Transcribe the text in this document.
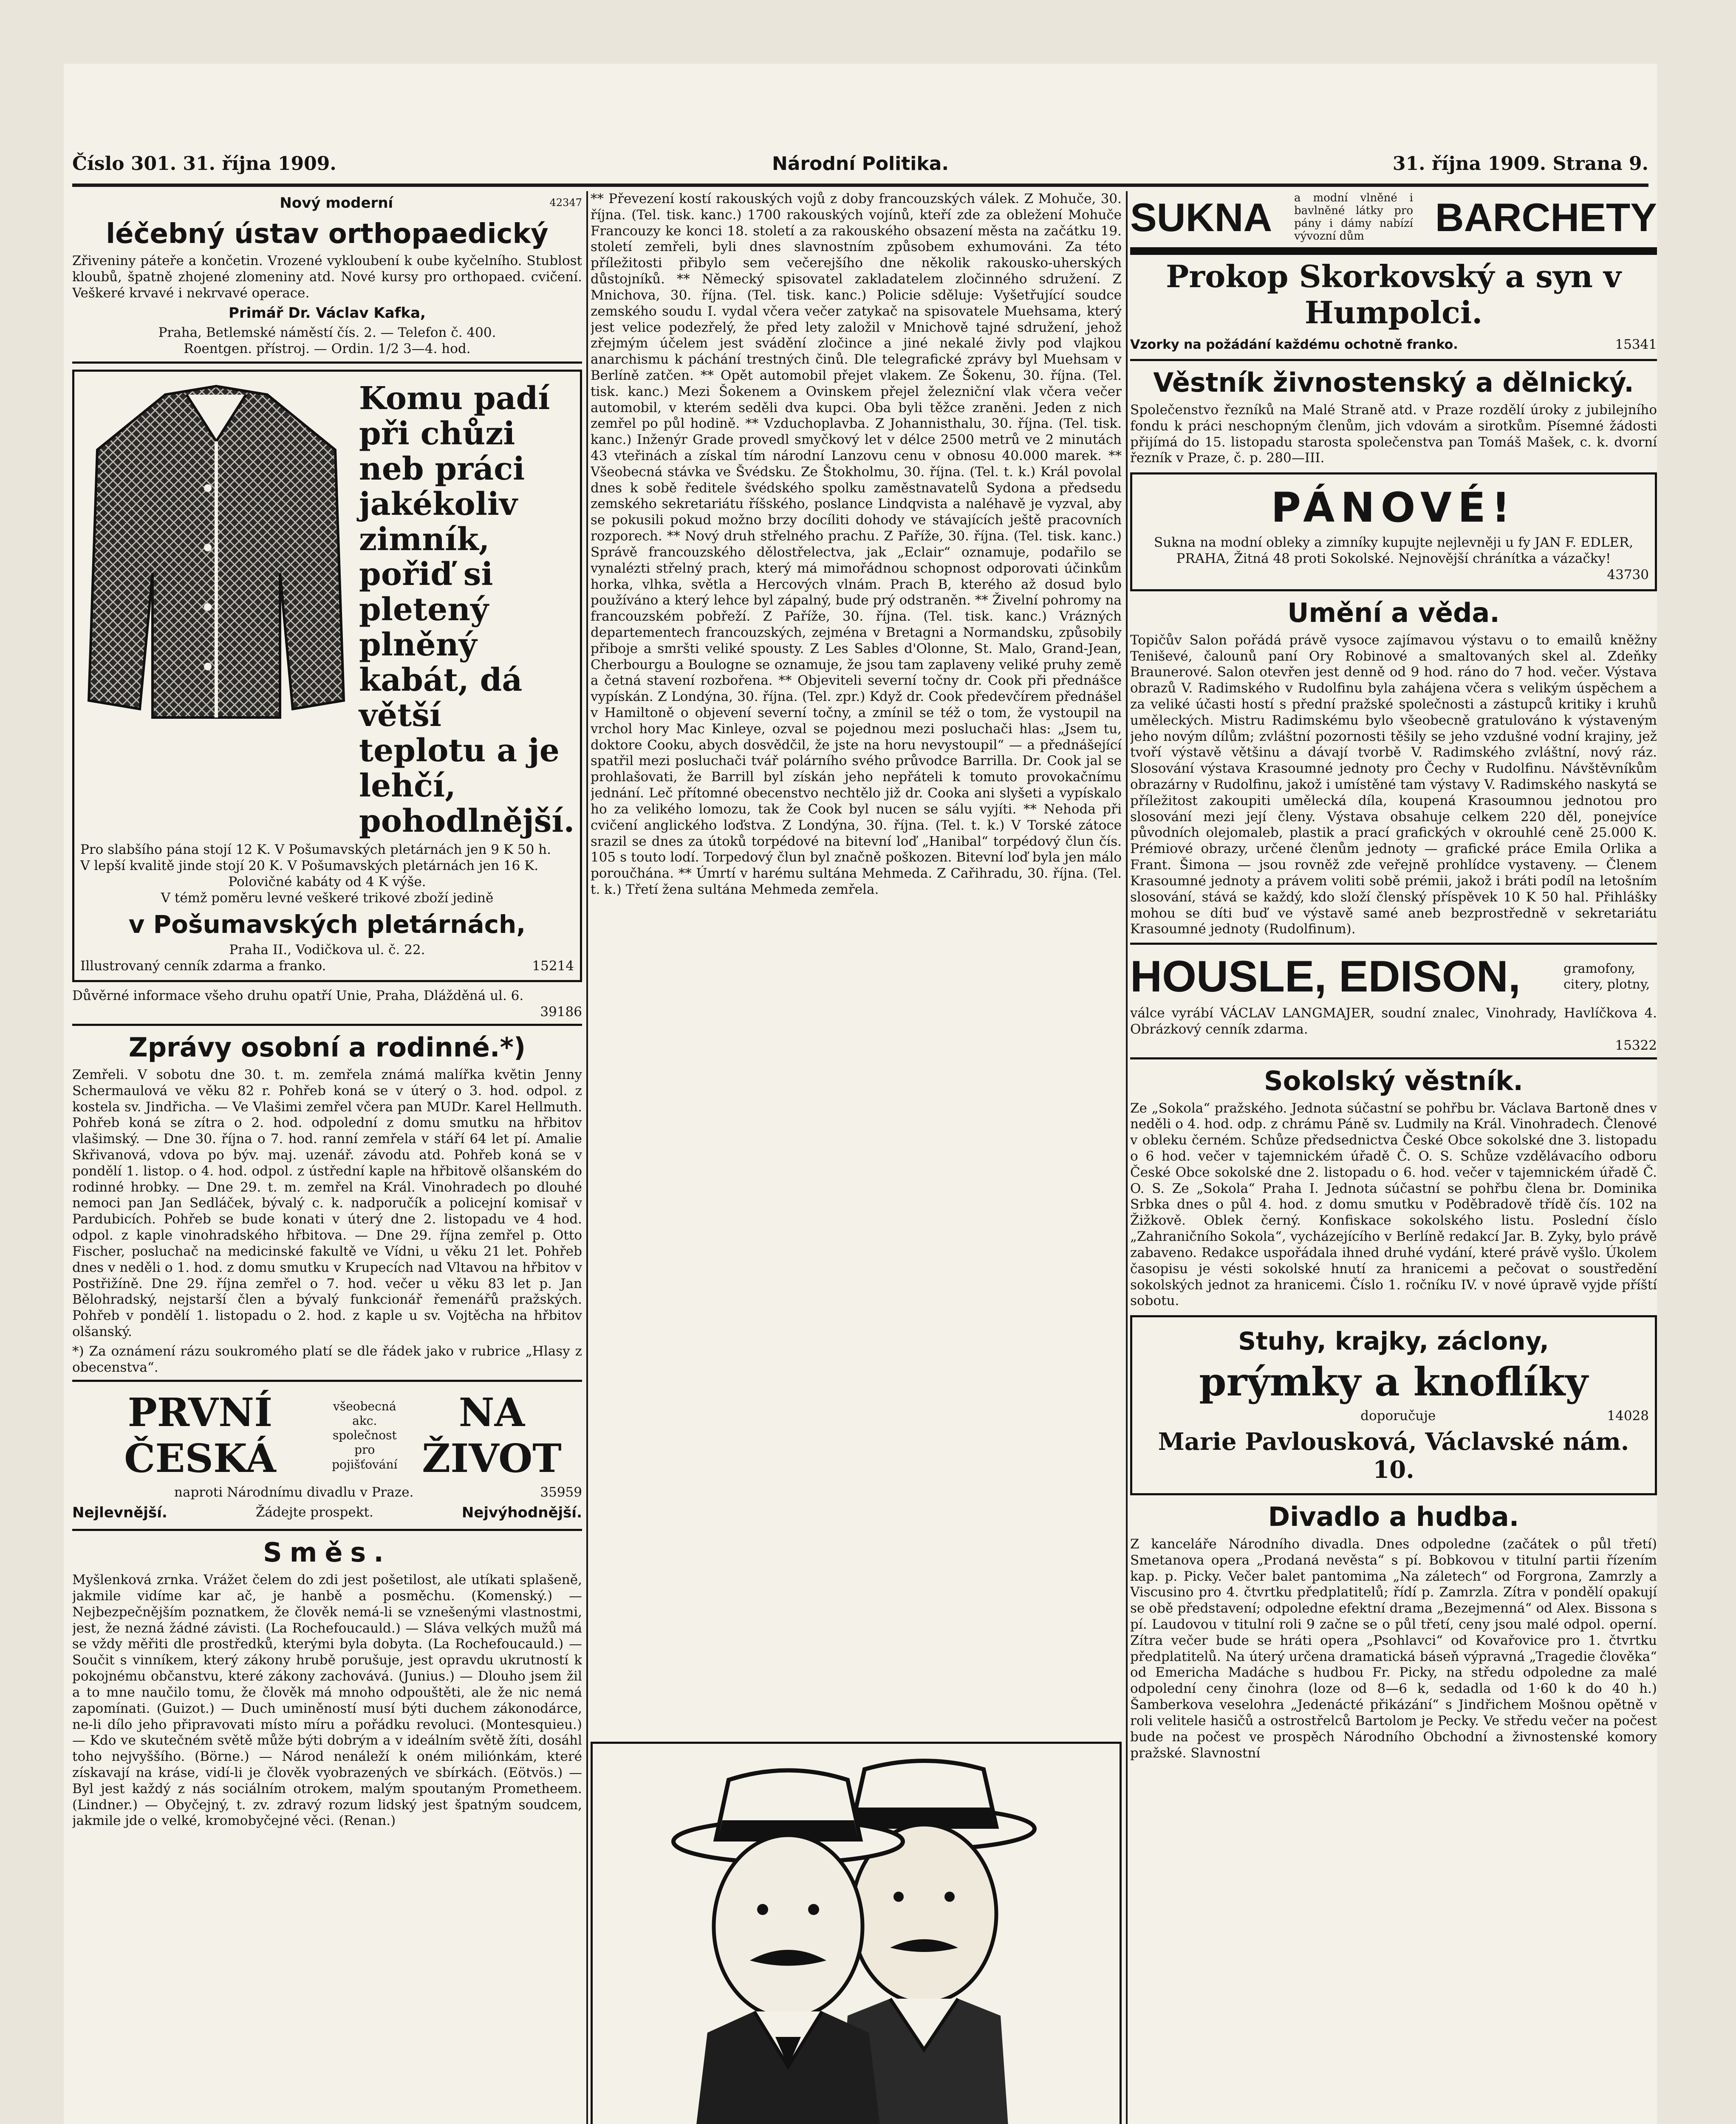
Číslo 301. 31. října 1909.	Národní Politika.	31. října 1909. Strana 9.
Nový moderní	42347
léčebný ústav orthopaedický

Zřiveniny páteře a končetin. Vrozené vykloubení k oube kyčelního. Stublost kloubů, špatně zhojené zlomeniny atd. Nové kursy pro orthopaed. cvičení. Veškeré krvavé i nekrvavé operace.

Primář Dr. Václav Kafka,

Praha, Betlemské náměstí čís. 2. — Telefon č. 400.

Roentgen. přístroj. — Ordin. 1/2 3—4. hod.

Komu padí při chůzi neb práci jakékoliv zimník, pořiď si pletený plněný kabát, dá větší teplotu a je lehčí, pohodlnější.

Pro slabšího pána stojí 12 K. V Pošumavských pletárnách jen 9 K 50 h.

V lepší kvalitě jinde stojí 20 K. V Pošumavských pletárnách jen 16 K.

Polovičné kabáty od 4 K výše.

V témž poměru levné veškeré trikové zboží jedině

v Pošumavských pletárnách,

Praha II., Vodičkova ul. č. 22.

Illustrovaný cenník zdarma a franko.	15214

Důvěrné informace všeho druhu opatří Unie, Praha, Dlážděná ul. 6.

39186

Zprávy osobní a rodinné.*)

Zemřeli. V sobotu dne 30. t. m. zemřela známá malířka květin Jenny Schermaulová ve věku 82 r. Pohřeb koná se v úterý o 3. hod. odpol. z kostela sv. Jindřicha. — Ve Vlašimi zemřel včera pan MUDr. Karel Hellmuth. Pohřeb koná se zítra o 2. hod. odpolední z domu smutku na hřbitov vlašimský. — Dne 30. října o 7. hod. ranní zemřela v stáří 64 let pí. Amalie Skřivanová, vdova po býv. maj. uzenář. závodu atd. Pohřeb koná se v pondělí 1. listop. o 4. hod. odpol. z ústřední kaple na hřbitově olšanském do rodinné hrobky. — Dne 29. t. m. zemřel na Král. Vinohradech po dlouhé nemoci pan Jan Sedláček, bývalý c. k. nadporučík a policejní komisař v Pardubicích. Pohřeb se bude konati v úterý dne 2. listopadu ve 4 hod. odpol. z kaple vinohradského hřbitova. — Dne 29. října zemřel p. Otto Fischer, posluchač na medicinské fakultě ve Vídni, u věku 21 let. Pohřeb dnes v neděli o 1. hod. z domu smutku v Krupecích nad Vltavou na hřbitov v Postřižíně. Dne 29. října zemřel o 7. hod. večer u věku 83 let p. Jan Bělohradský, nejstarší člen a bývalý funkcionář řemenářů pražských. Pohřeb v pondělí 1. listopadu o 2. hod. z kaple u sv. Vojtěcha na hřbitov olšanský.

*) Za oznámení rázu soukromého platí se dle řádek jako v rubrice „Hlasy z obecenstva“.

PRVNÍ ČESKÁ
všeobecná akc. společnost pro pojišťování
NA ŽIVOT
naproti Národnímu divadlu v Praze.	35959
Nejlevnější.	Žádejte prospekt.	Nejvýhodnější.
Směs.

Myšlenková zrnka. Vrážet čelem do zdi jest pošetilost, ale utíkati splašeně, jakmile vidíme kar ač, je hanbě a posměchu. (Komenský.) — Nejbezpečnějším poznatkem, že člověk nemá-li se vznešenými vlastnostmi, jest, že nezná žádné závisti. (La Rochefoucauld.) — Sláva velkých mužů má se vždy měřiti dle prostředků, kterými byla dobyta. (La Rochefoucauld.) — Součit s vinníkem, který zákony hrubě porušuje, jest opravdu ukrutností k pokojnému občanstvu, které zákony zachovává. (Junius.) — Dlouho jsem žil a to mne naučilo tomu, že člověk má mnoho odpouštěti, ale že nic nemá zapomínati. (Guizot.) — Duch uminěností musí býti duchem zákonodárce, ne-li dílo jeho připravovati místo míru a pořádku revoluci. (Montesquieu.) — Kdo ve skutečném světě může býti dobrým a v ideálním světě žíti, dosáhl toho nejvyššího. (Börne.) — Národ nenáleží k oném miliónkám, které získavají na kráse, vidí-li je člověk vyobrazených ve sbírkách. (Eötvös.) — Byl jest každý z nás sociálním otrokem, malým spoutaným Prometheem. (Lindner.) — Obyčejný, t. zv. zdravý rozum lidský jest špatným soudcem, jakmile jde o velké, kromobyčejné věci. (Renan.)

** Převezení kostí rakouských vojů z doby francouzských válek. Z Mohuče, 30. října. (Tel. tisk. kanc.) 1700 rakouských vojínů, kteří zde za obležení Mohuče Francouzy ke konci 18. století a za rakouského obsazení města na začátku 19. století zemřeli, byli dnes slavnostním způsobem exhumováni. Za této příležitosti přibylo sem večerejšího dne několik rakousko-uherských důstojníků. ** Německý spisovatel zakladatelem zločinného sdružení. Z Mnichova, 30. října. (Tel. tisk. kanc.) Policie sděluje: Vyšetřující soudce zemského soudu I. vydal včera večer zatykač na spisovatele Muehsama, který jest velice podezřelý, že před lety založil v Mnichově tajné sdružení, jehož zřejmým účelem jest svádění zločince a jiné nekalé živly pod vlajkou anarchismu k páchání trestných činů. Dle telegrafické zprávy byl Muehsam v Berlíně zatčen. ** Opět automobil přejet vlakem. Ze Šokenu, 30. října. (Tel. tisk. kanc.) Mezi Šokenem a Ovinskem přejel železniční vlak včera večer automobil, v kterém seděli dva kupci. Oba byli těžce zraněni. Jeden z nich zemřel po půl hodině. ** Vzduchoplavba. Z Johannisthalu, 30. října. (Tel. tisk. kanc.) Inženýr Grade provedl smyčkový let v délce 2500 metrů ve 2 minutách 43 vteřinách a získal tím národní Lanzovu cenu v obnosu 40.000 marek. ** Všeobecná stávka ve Švédsku. Ze Štokholmu, 30. října. (Tel. t. k.) Král povolal dnes k sobě ředitele švédského spolku zaměstnavatelů Sydona a předsedu zemského sekretariátu říšského, poslance Lindqvista a naléhavě je vyzval, aby se pokusili pokud možno brzy docíliti dohody ve stávajících ještě pracovních rozporech. ** Nový druh střelného prachu. Z Paříže, 30. října. (Tel. tisk. kanc.) Správě francouzského dělostřelectva, jak „Eclair“ oznamuje, podařilo se vynalézti střelný prach, který má mimořádnou schopnost odporovati účinkům horka, vlhka, světla a Hercových vlnám. Prach B, kterého až dosud bylo používáno a který lehce byl zápalný, bude prý odstraněn. ** Živelní pohromy na francouzském pobřeží. Z Paříže, 30. října. (Tel. tisk. kanc.) Vrázných departementech francouzských, zejména v Bretagni a Normandsku, způsobily přiboje a smršti veliké spousty. Z Les Sables d'Olonne, St. Malo, Grand-Jean, Cherbourgu a Boulogne se oznamuje, že jsou tam zaplaveny veliké pruhy země a četná stavení rozbořena. ** Objeviteli severní točny dr. Cook při přednášce vypískán. Z Londýna, 30. října. (Tel. zpr.) Když dr. Cook předevčírem přednášel v Hamiltoně o objevení severní točny, a zmínil se též o tom, že vystoupil na vrchol hory Mac Kinleye, ozval se pojednou mezi posluchači hlas: „Jsem tu, doktore Cooku, abych dosvědčil, že jste na horu nevystoupil“ — a přednášející spatřil mezi posluchači tvář polárního svého průvodce Barrilla. Dr. Cook jal se prohlašovati, že Barrill byl získán jeho nepřáteli k tomuto provokačnímu jednání. Leč přítomné obecenstvo nechtělo již dr. Cooka ani slyšeti a vypískalo ho za velikého lomozu, tak že Cook byl nucen se sálu vyjíti. ** Nehoda při cvičení anglického loďstva. Z Londýna, 30. října. (Tel. t. k.) V Torské zátoce srazil se dnes za útoků torpédové na bitevní loď „Hanibal“ torpédový člun čís. 105 s touto lodí. Torpedový člun byl značně poškozen. Bitevní loď byla jen málo poroučhána. ** Úmrtí v harému sultána Mehmeda. Z Cařihradu, 30. října. (Tel. t. k.) Třetí žena sultána Mehmeda zemřela.

SUKNA a modní vlněné i bavlněné látky pro pány i dámy nabízí vývozní dům	BARCHETY
Prokop Skorkovský a syn v Humpolci.
Vzorky na požádání každému ochotně franko.	15341
Věstník živnostenský a dělnický.

Společenstvo řezníků na Malé Straně atd. v Praze rozdělí úroky z jubilejního fondu k práci neschopným členům, jich vdovám a sirotkům. Písemné žádosti přijímá do 15. listopadu starosta společenstva pan Tomáš Mašek, c. k. dvorní řezník v Praze, č. p. 280—III.

PÁNOVÉ!

Sukna na modní obleky a zimníky kupujte nejlevněji u fy JAN F. EDLER, PRAHA, Žitná 48 proti Sokolské. Nejnovější chránítka a vázačky!

43730

Umění a věda.

Topičův Salon pořádá právě vysoce zajímavou výstavu o to emailů kněžny Teniševé, čalounů paní Ory Robinové a smaltovaných skel al. Zdeňky Braunerové. Salon otevřen jest denně od 9 hod. ráno do 7 hod. večer. Výstava obrazů V. Radimského v Rudolfinu byla zahájena včera s velikým úspěchem a za veliké účasti hostí s přední pražské společnosti a zástupců kritiky i kruhů uměleckých. Mistru Radimskému bylo všeobecně gratulováno k výstaveným jeho novým dílům; zvláštní pozornosti těšily se jeho vzdušné vodní krajiny, jež tvoří výstavě většinu a dávají tvorbě V. Radimského zvláštní, nový ráz. Slosování výstava Krasoumné jednoty pro Čechy v Rudolfinu. Návštěvníkům obrazárny v Rudolfinu, jakož i umístěné tam výstavy V. Radimského naskytá se příležitost zakoupiti umělecká díla, koupená Krasoumnou jednotou pro slosování mezi její členy. Výstava obsahuje celkem 220 děl, ponejvíce původních olejomaleb, plastik a prací grafických v okrouhlé ceně 25.000 K. Prémiové obrazy, určené členům jednoty — grafické práce Emila Orlika a Frant. Šimona — jsou rovněž zde veřejně prohlídce vystaveny. — Členem Krasoumné jednoty a právem voliti sobě prémii, jakož i bráti podíl na letošním slosování, stává se každý, kdo složí členský příspěvek 10 K 50 hal. Přihlášky mohou se díti buď ve výstavě samé aneb bezprostředně v sekretariátu Krasoumné jednoty (Rudolfinum).

HOUSLE, EDISON,	gramofony, citery, plotny,

válce vyrábí VÁCLAV LANGMAJER, soudní znalec, Vinohrady, Havlíčkova 4. Obrázkový cenník zdarma.

15322

Sokolský věstník.

Ze „Sokola“ pražského. Jednota súčastní se pohřbu br. Václava Bartoně dnes v neděli o 4. hod. odp. z chrámu Páně sv. Ludmily na Král. Vinohradech. Členové v obleku černém. Schůze předsednictva České Obce sokolské dne 3. listopadu o 6 hod. večer v tajemnickém úřadě Č. O. S. Schůze vzdělávacího odboru České Obce sokolské dne 2. listopadu o 6. hod. večer v tajemnickém úřadě Č. O. S. Ze „Sokola“ Praha I. Jednota súčastní se pohřbu člena br. Dominika Srbka dnes o půl 4. hod. z domu smutku v Poděbradově třídě čís. 102 na Žižkově. Oblek černý. Konfiskace sokolského listu. Poslední číslo „Zahraničního Sokola“, vycházejícího v Berlíně redakcí Jar. B. Zyky, bylo právě zabaveno. Redakce uspořádala ihned druhé vydání, které právě vyšlo. Úkolem časopisu je vésti sokolské hnutí za hranicemi a pečovat o soustředění sokolských jednot za hranicemi. Číslo 1. ročníku IV. v nové úpravě vyjde příští sobotu.

Stuhy, krajky, záclony,
prýmky a knoflíky
doporučuje	14028
Marie Pavlousková, Václavské nám. 10.
Divadlo a hudba.

Z kanceláře Národního divadla. Dnes odpoledne (začátek o půl třetí) Smetanova opera „Prodaná nevěsta“ s pí. Bobkovou v titulní partii řízením kap. p. Picky. Večer balet pantomima „Na záletech“ od Forgrona, Zamrzly a Viscusino pro 4. čtvrtku předplatitelů; řídí p. Zamrzla. Zítra v pondělí opakují se obě představení; odpoledne efektní drama „Bezejmenná“ od Alex. Bissona s pí. Laudovou v titulní roli 9 začne se o půl třetí, ceny jsou malé odpol. operní. Zítra večer bude se hráti opera „Psohlavci“ od Kovařovice pro 1. čtvrtku předplatitelů. Na úterý určena dramatická báseň výpravná „Tragedie člověka“ od Emericha Madáche s hudbou Fr. Picky, na středu odpoledne za malé odpolední ceny činohra (loze od 8—6 k, sedadla od 1·60 k do 40 h.) Šamberkova veselohra „Jedenácté přikázání“ s Jindřichem Mošnou opětně v roli velitele hasičů a ostrostřelců Bartolom je Pecky. Ve středu večer na počest bude na počest ve prospěch Národního Obchodní a živnostenské komory pražské. Slavnostní
